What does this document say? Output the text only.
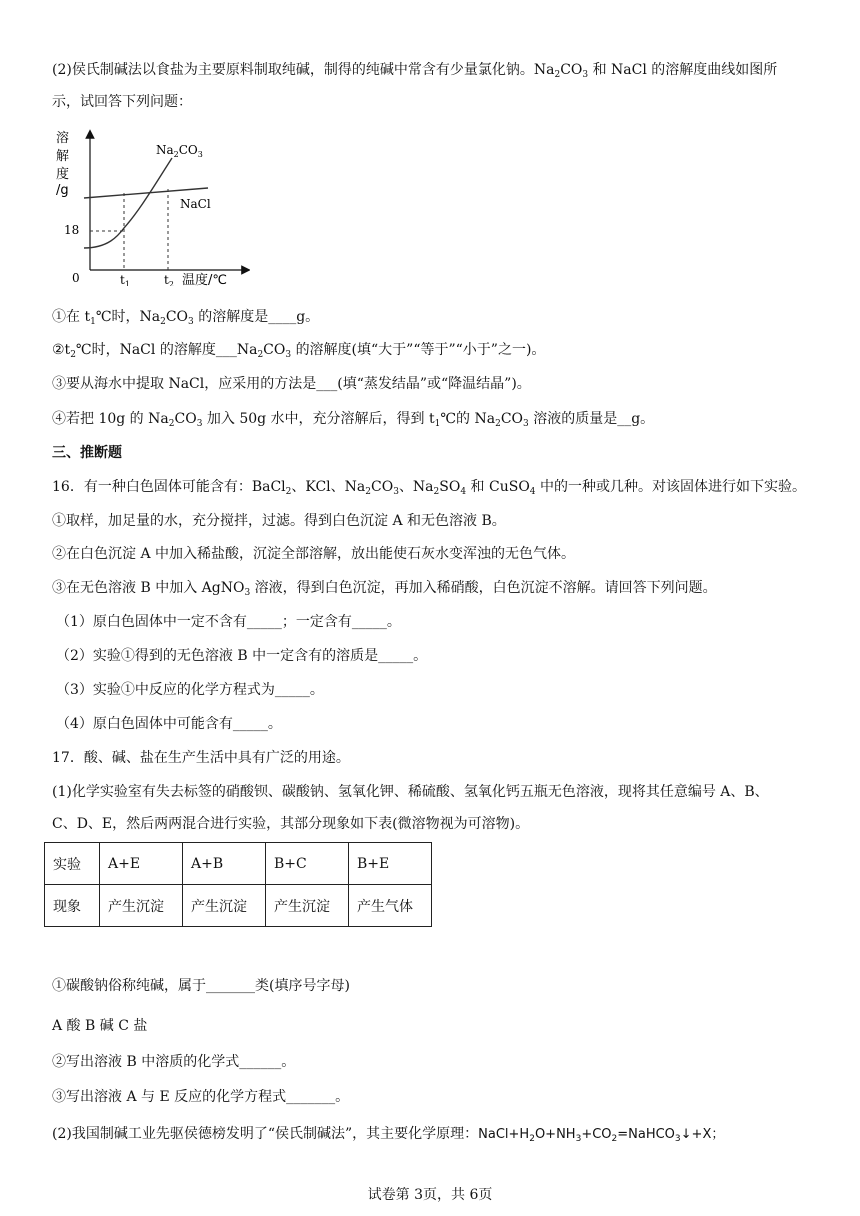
(2)侯氏制碱法以食盐为主要原料制取纯碱，制得的纯碱中常含有少量氯化钠。$Na_2CO_3$ 和 NaCl 的溶解度曲线如图所
示，试回答下列问题：
溶 解 度 /g
18
0
$Na_2CO_3$
NaCl
$t_1$	$t_2$ 温度/℃
①在 $t_1℃$时，$Na_2CO_3$ 的溶解度是____g。
$②t_2℃$时，NaCl 的溶解度$\_\_\_Na_2CO_3$ 的溶解度(填“大于”“等于”“小于”之一)。
③要从海水中提取 NaCl，应采用的方法是___(填“蒸发结晶”或“降温结晶”)。
④若把 10g 的 $Na_2CO_3$ 加入 50g 水中，充分溶解后，得到 $t_1℃$的 $Na_2CO_3$ 溶液的质量是__g。
三、推断题
16．有一种白色固体可能含有：BaCl$_2$、KCl、$Na_2CO_3$、$Na_2SO_4$ 和 CuSO$_4$ 中的一种或几种。对该固体进行如下实验。
①取样，加足量的水，充分搅拌，过滤。得到白色沉淀 A 和无色溶液 B。
②在白色沉淀 A 中加入稀盐酸，沉淀全部溶解，放出能使石灰水变浑浊的无色气体。
③在无色溶液 B 中加入 AgNO$_3$ 溶液，得到白色沉淀，再加入稀硝酸，白色沉淀不溶解。请回答下列问题。
（1）原白色固体中一定不含有_____；一定含有_____。
（2）实验①得到的无色溶液 B 中一定含有的溶质是_____。
（3）实验①中反应的化学方程式为_____。
（4）原白色固体中可能含有_____。
17．酸、碱、盐在生产生活中具有广泛的用途。
(1)化学实验室有失去标签的硝酸钡、碳酸钠、氢氧化钾、稀硫酸、氢氧化钙五瓶无色溶液，现将其任意编号 A、B、
C、D、E，然后两两混合进行实验，其部分现象如下表(微溶物视为可溶物)。
实验	A+E	A+B	B+C	B+E
现象	产生沉淀	产生沉淀	产生沉淀	产生气体
①碳酸钠俗称纯碱，属于_______类(填序号字母)
A 酸 B 碱 C 盐
②写出溶液 B 中溶质的化学式______。
③写出溶液 A 与 E 反应的化学方程式_______。
(2)我国制碱工业先驱侯德榜发明了“侯氏制碱法”，其主要化学原理：$NaCl+H_2O+NH_3+CO_2=NaHCO_3↓+X$；
试卷第 3页，共 6页
